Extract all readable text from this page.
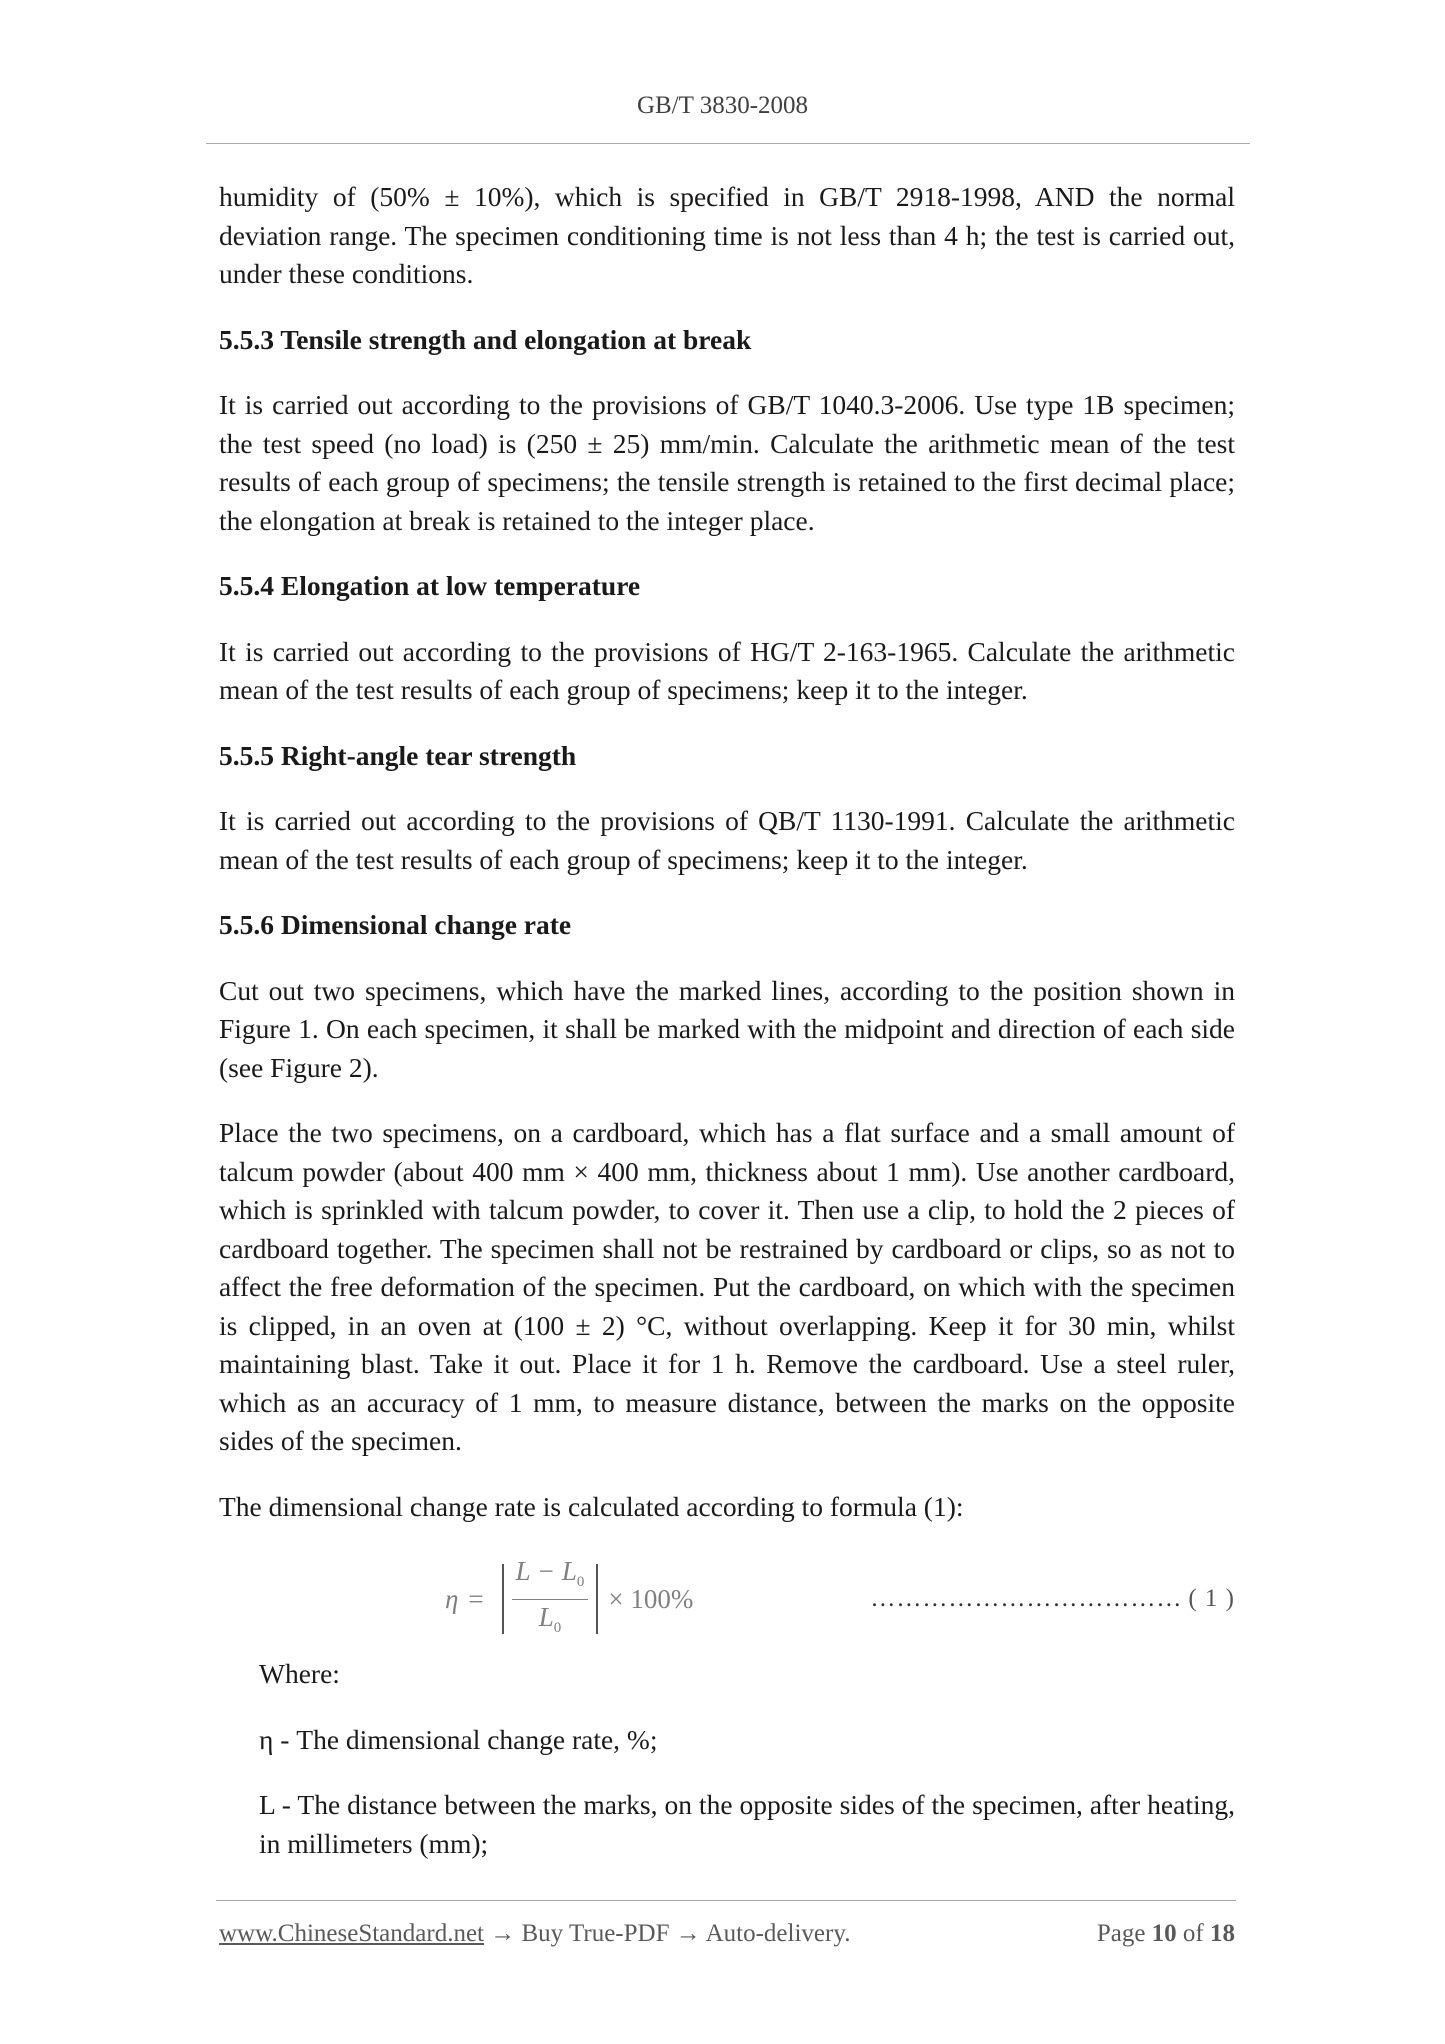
GB/T 3830-2008

humidity of (50% ± 10%), which is specified in GB/T 2918-1998, AND the normal deviation range. The specimen conditioning time is not less than 4 h; the test is carried out, under these conditions.

5.5.3 Tensile strength and elongation at break

It is carried out according to the provisions of GB/T 1040.3-2006. Use type 1B specimen; the test speed (no load) is (250 ± 25) mm/min. Calculate the arithmetic mean of the test results of each group of specimens; the tensile strength is retained to the first decimal place; the elongation at break is retained to the integer place.

5.5.4 Elongation at low temperature

It is carried out according to the provisions of HG/T 2-163-1965. Calculate the arithmetic mean of the test results of each group of specimens; keep it to the integer.

5.5.5 Right-angle tear strength

It is carried out according to the provisions of QB/T 1130-1991. Calculate the arithmetic mean of the test results of each group of specimens; keep it to the integer.

5.5.6 Dimensional change rate

Cut out two specimens, which have the marked lines, according to the position shown in Figure 1. On each specimen, it shall be marked with the midpoint and direction of each side (see Figure 2).

Place the two specimens, on a cardboard, which has a flat surface and a small amount of talcum powder (about 400 mm × 400 mm, thickness about 1 mm). Use another cardboard, which is sprinkled with talcum powder, to cover it. Then use a clip, to hold the 2 pieces of cardboard together. The specimen shall not be restrained by cardboard or clips, so as not to affect the free deformation of the specimen. Put the cardboard, on which with the specimen is clipped, in an oven at (100 ± 2) °C, without overlapping. Keep it for 30 min, whilst maintaining blast. Take it out. Place it for 1 h. Remove the cardboard. Use a steel ruler, which as an accuracy of 1 mm, to measure distance, between the marks on the opposite sides of the specimen.

The dimensional change rate is calculated according to formula (1):

$\eta = \frac{L - L_0}{L_0} \times 100\%$	……………………………… ( 1 )

Where:

η - The dimensional change rate, %;

L - The distance between the marks, on the opposite sides of the specimen, after heating, in millimeters (mm);

www.ChineseStandard.net → Buy True-PDF → Auto-delivery.	Page 10 of 18
